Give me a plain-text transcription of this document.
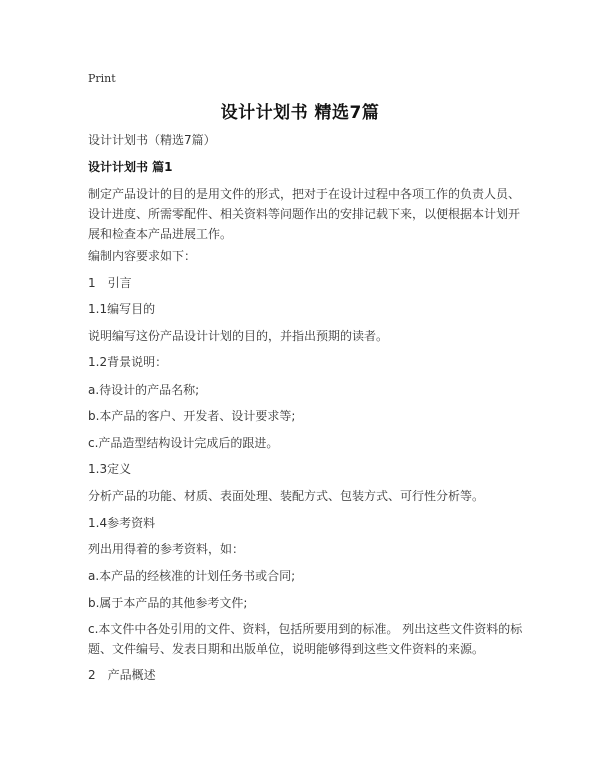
Print
设计计划书 精选7篇

设计计划书（精选7篇）

设计计划书 篇1

制定产品设计的目的是用文件的形式，把对于在设计过程中各项工作的负责人员、设计进度、所需零配件、相关资料等问题作出的安排记载下来，以便根据本计划开展和检查本产品进展工作。

编制内容要求如下：

1　引言

1.1编写目的

说明编写这份产品设计计划的目的，并指出预期的读者。

1.2背景说明：

a.待设计的产品名称;

b.本产品的客户、开发者、设计要求等;

c.产品造型结构设计完成后的跟进。

1.3定义

分析产品的功能、材质、表面处理、装配方式、包装方式、可行性分析等。

1.4参考资料

列出用得着的参考资料，如：

a.本产品的经核准的计划任务书或合同;

b.属于本产品的其他参考文件;

c.本文件中各处引用的文件、资料，包括所要用到的标准。 列出这些文件资料的标题、文件编号、发表日期和出版单位，说明能够得到这些文件资料的来源。

2　产品概述
